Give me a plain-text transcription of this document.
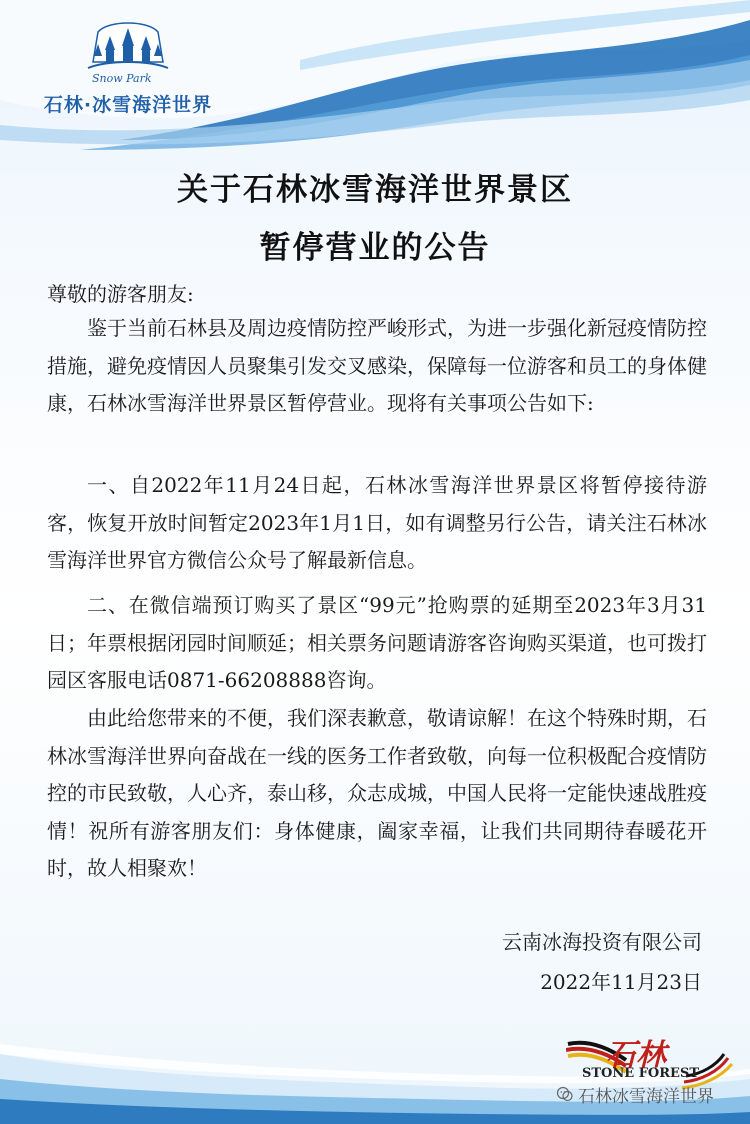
Snow Park
石林·冰雪海洋世界
关于石林冰雪海洋世界景区
暂停营业的公告
尊敬的游客朋友:
鉴于当前石林县及周边疫情防控严峻形式，为进一步强化新冠疫情防控措施，避免疫情因人员聚集引发交叉感染，保障每一位游客和员工的身体健康，石林冰雪海洋世界景区暂停营业。现将有关事项公告如下:
一、自2022年11月24日起，石林冰雪海洋世界景区将暂停接待游客，恢复开放时间暂定2023年1月1日，如有调整另行公告，请关注石林冰雪海洋世界官方微信公众号了解最新信息。
二、在微信端预订购买了景区“99元”抢购票的延期至2023年3月31日；年票根据闭园时间顺延；相关票务问题请游客咨询购买渠道，也可拨打园区客服电话0871-66208888咨询。
由此给您带来的不便，我们深表歉意，敬请谅解！在这个特殊时期，石林冰雪海洋世界向奋战在一线的医务工作者致敬，向每一位积极配合疫情防控的市民致敬，人心齐，泰山移，众志成城，中国人民将一定能快速战胜疫情！祝所有游客朋友们：身体健康，阖家幸福，让我们共同期待春暖花开时，故人相聚欢！
云南冰海投资有限公司
2022年11月23日
石林
STONE FOREST
石林冰雪海洋世界
